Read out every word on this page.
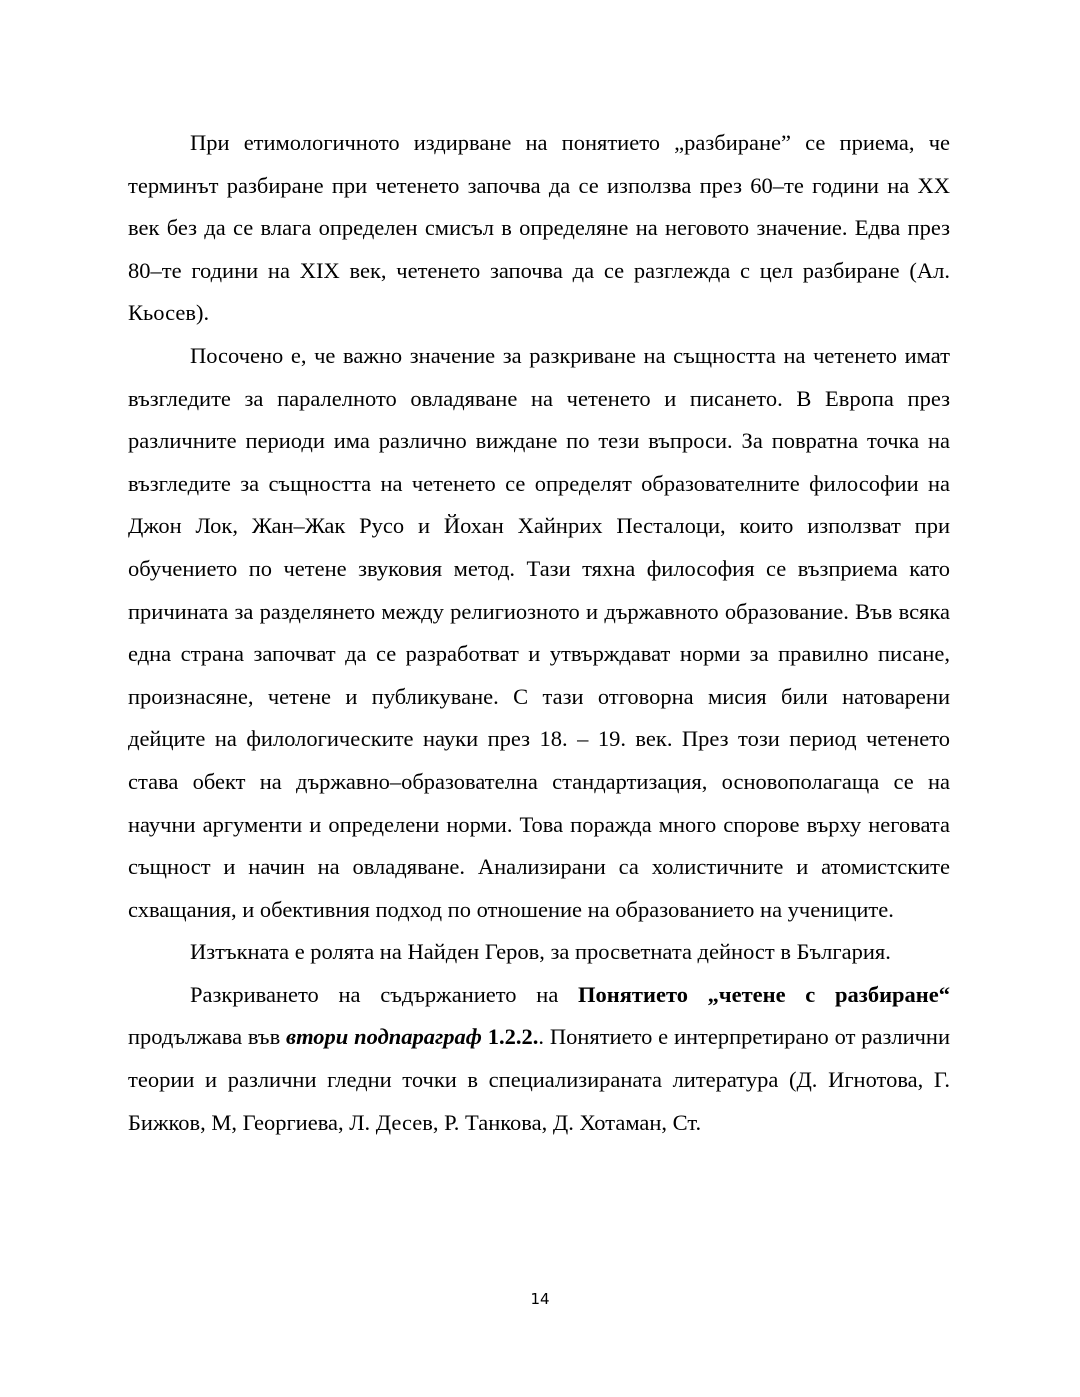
При етимологичното издирване на понятието „разбиране” се приема, че терминът разбиране при четенето започва да се използва през 60–те години на XX век без да се влага определен смисъл в определяне на неговото значение. Едва през 80–те години на XIX век, четенето започва да се разглежда с цел разбиране (Ал. Кьосев).

Посочено е, че важно значение за разкриване на същността на четенето имат възгледите за паралелното овладяване на четенето и писането. В Европа през различните периоди има различно виждане по тези въпроси. За повратна точка на възгледите за същността на четенето се определят образователните философии на Джон Лок, Жан–Жак Русо и Йохан Хайнрих Песталоци, които използват при обучението по четене звуковия метод. Тази тяхна философия се възприема като причината за разделянето между религиозното и държавното образование. Във всяка една страна започват да се разработват и утвърждават норми за правилно писане, произнасяне, четене и публикуване. С тази отговорна мисия били натоварени дейците на филологическите науки през 18. – 19. век. През този период четенето става обект на държавно–образователна стандартизация, основополагаща се на научни аргументи и определени норми. Това поражда много спорове върху неговата същност и начин на овладяване. Анализирани са холистичните и атомистските схващания, и обективния подход по отношение на образованието на учениците.

Изтъкната е ролята на Найден Геров, за просветната дейност в България.

Разкриването на съдържанието на Понятието „четене с разбиране“ продължава във втори подпараграф 1.2.2.. Понятието е интерпретирано от различни теории и различни гледни точки в специализираната литература (Д. Игнотова, Г. Бижков, М, Георгиева, Л. Десев, Р. Танкова, Д. Хотаман, Ст.

14
